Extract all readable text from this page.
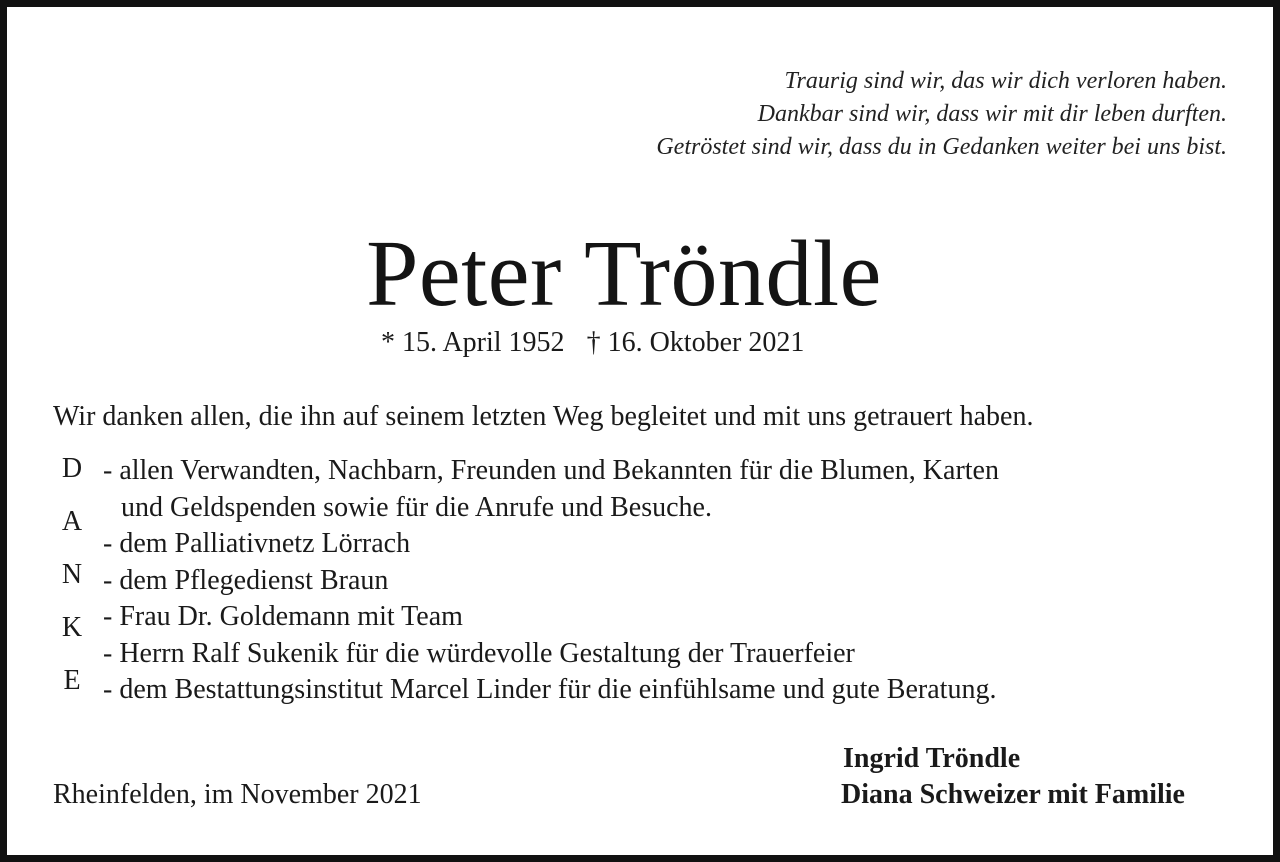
Traurig sind wir, das wir dich verloren haben.
Dankbar sind wir, dass wir mit dir leben durften.
Getröstet sind wir, dass du in Gedanken weiter bei uns bist.
Peter Tröndle
* 15. April 1952 † 16. Oktober 2021
Wir danken allen, die ihn auf seinem letzten Weg begleitet und mit uns getrauert haben.
D
A
N
K
E
- allen Verwandten, Nachbarn, Freunden und Bekannten für die Blumen, Karten
und Geldspenden sowie für die Anrufe und Besuche.
- dem Palliativnetz Lörrach
- dem Pflegedienst Braun
- Frau Dr. Goldemann mit Team
- Herrn Ralf Sukenik für die würdevolle Gestaltung der Trauerfeier
- dem Bestattungsinstitut Marcel Linder für die einfühlsame und gute Beratung.
Rheinfelden, im November 2021
Ingrid Tröndle
Diana Schweizer mit Familie
